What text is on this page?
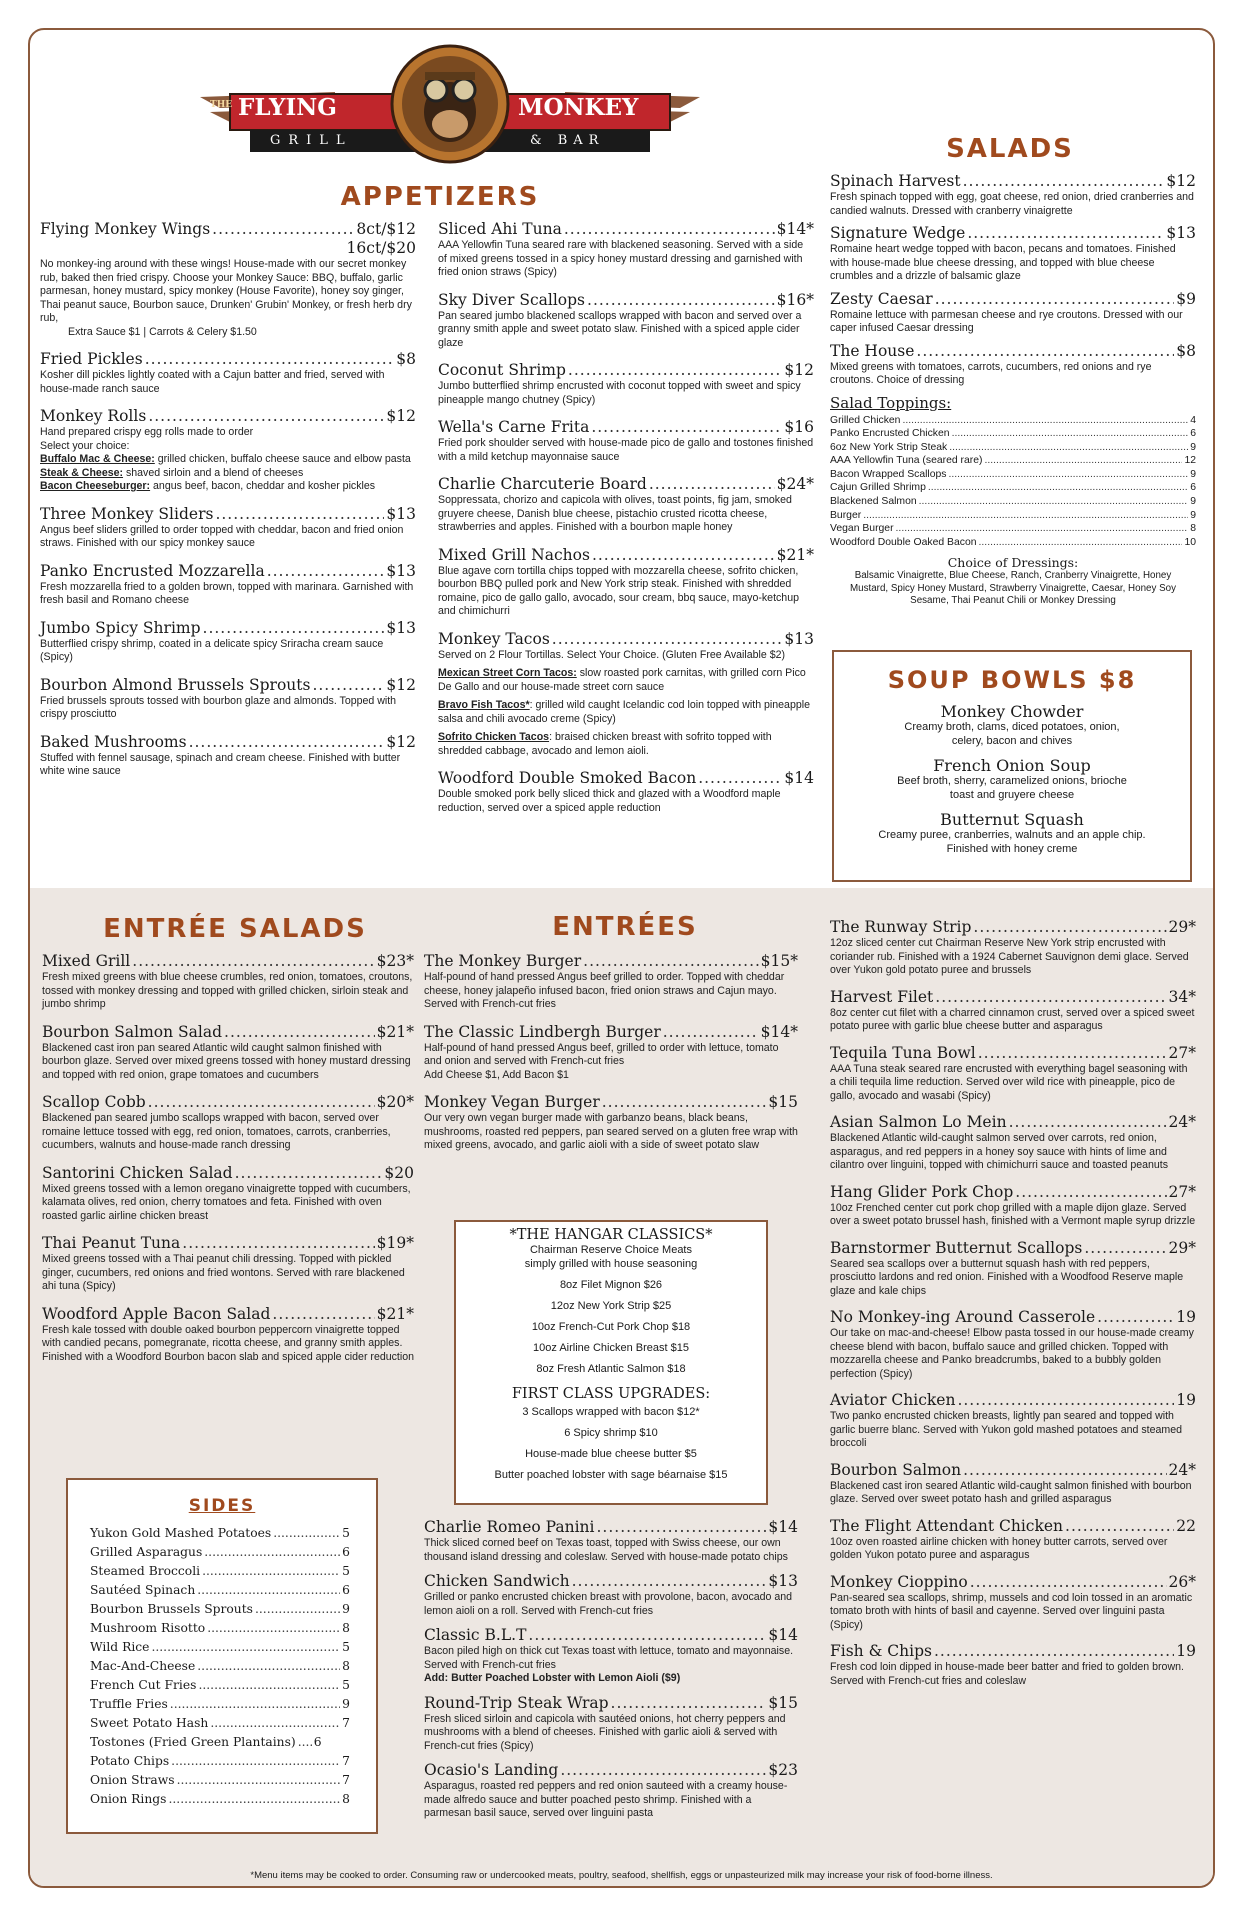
THE FLYING	MONKEY
GRILL	& BAR
APPETIZERS
Flying Monkey Wings .....	8ct/$12
16ct/$20
No monkey-ing around with these wings! House-made with our secret monkey rub, baked then fried crispy. Choose your Monkey Sauce: BBQ, buffalo, garlic parmesan, honey mustard, spicy monkey (House Favorite), honey soy ginger, Thai peanut sauce, Bourbon sauce, Drunken' Grubin' Monkey, or fresh herb dry rub,
Extra Sauce $1 | Carrots & Celery $1.50
Fried Pickles .....	$8
Kosher dill pickles lightly coated with a Cajun batter and fried, served with house-made ranch sauce
Monkey Rolls .....	$12
Hand prepared crispy egg rolls made to order
Select your choice:
Buffalo Mac & Cheese: grilled chicken, buffalo cheese sauce and elbow pasta
Steak & Cheese: shaved sirloin and a blend of cheeses
Bacon Cheeseburger: angus beef, bacon, cheddar and kosher pickles
Three Monkey Sliders .....	$13
Angus beef sliders grilled to order topped with cheddar, bacon and fried onion straws. Finished with our spicy monkey sauce
Panko Encrusted Mozzarella .....	$13
Fresh mozzarella fried to a golden brown, topped with marinara. Garnished with fresh basil and Romano cheese
Jumbo Spicy Shrimp .....	$13
Butterflied crispy shrimp, coated in a delicate spicy Sriracha cream sauce (Spicy)
Bourbon Almond Brussels Sprouts .....	$12
Fried brussels sprouts tossed with bourbon glaze and almonds. Topped with crispy prosciutto
Baked Mushrooms .....	$12
Stuffed with fennel sausage, spinach and cream cheese. Finished with butter white wine sauce
Sliced Ahi Tuna .....	$14*
AAA Yellowfin Tuna seared rare with blackened seasoning. Served with a side of mixed greens tossed in a spicy honey mustard dressing and garnished with fried onion straws (Spicy)
Sky Diver Scallops .....	$16*
Pan seared jumbo blackened scallops wrapped with bacon and served over a granny smith apple and sweet potato slaw. Finished with a spiced apple cider glaze
Coconut Shrimp .....	$12
Jumbo butterflied shrimp encrusted with coconut topped with sweet and spicy pineapple mango chutney (Spicy)
Wella's Carne Frita .....	$16
Fried pork shoulder served with house-made pico de gallo and tostones finished with a mild ketchup mayonnaise sauce
Charlie Charcuterie Board .....	$24*
Soppressata, chorizo and capicola with olives, toast points, fig jam, smoked gruyere cheese, Danish blue cheese, pistachio crusted ricotta cheese, strawberries and apples. Finished with a bourbon maple honey
Mixed Grill Nachos .....	$21*
Blue agave corn tortilla chips topped with mozzarella cheese, sofrito chicken, bourbon BBQ pulled pork and New York strip steak. Finished with shredded romaine, pico de gallo gallo, avocado, sour cream, bbq sauce, mayo-ketchup and chimichurri
Monkey Tacos .....	$13
Served on 2 Flour Tortillas. Select Your Choice. (Gluten Free Available $2)
Mexican Street Corn Tacos: slow roasted pork carnitas, with grilled corn Pico De Gallo and our house-made street corn sauce
Bravo Fish Tacos*: grilled wild caught Icelandic cod loin topped with pineapple salsa and chili avocado creme (Spicy)
Sofrito Chicken Tacos: braised chicken breast with sofrito topped with shredded cabbage, avocado and lemon aioli.
Woodford Double Smoked Bacon .....	$14
Double smoked pork belly sliced thick and glazed with a Woodford maple reduction, served over a spiced apple reduction
SALADS
Spinach Harvest .....	$12
Fresh spinach topped with egg, goat cheese, red onion, dried cranberries and candied walnuts. Dressed with cranberry vinaigrette
Signature Wedge .....	$13
Romaine heart wedge topped with bacon, pecans and tomatoes. Finished with house-made blue cheese dressing, and topped with blue cheese crumbles and a drizzle of balsamic glaze
Zesty Caesar .....	$9
Romaine lettuce with parmesan cheese and rye croutons. Dressed with our caper infused Caesar dressing
The House .....	$8
Mixed greens with tomatoes, carrots, cucumbers, red onions and rye croutons. Choice of dressing
Salad Toppings:
Grilled Chicken .....	4
Panko Encrusted Chicken .....	6
6oz New York Strip Steak .....	9
AAA Yellowfin Tuna (seared rare) .....	12
Bacon Wrapped Scallops .....	9
Cajun Grilled Shrimp .....	6
Blackened Salmon .....	9
Burger .....	9
Vegan Burger .....	8
Woodford Double Oaked Bacon .....	10
Choice of Dressings:
Balsamic Vinaigrette, Blue Cheese, Ranch, Cranberry Vinaigrette, Honey Mustard, Spicy Honey Mustard, Strawberry Vinaigrette, Caesar, Honey Soy Sesame, Thai Peanut Chili or Monkey Dressing
SOUP BOWLS $8
Monkey Chowder
Creamy broth, clams, diced potatoes, onion, celery, bacon and chives
French Onion Soup
Beef broth, sherry, caramelized onions, brioche toast and gruyere cheese
Butternut Squash
Creamy puree, cranberries, walnuts and an apple chip. Finished with honey creme
ENTRÉE SALADS
Mixed Grill .....	$23*
Fresh mixed greens with blue cheese crumbles, red onion, tomatoes, croutons, tossed with monkey dressing and topped with grilled chicken, sirloin steak and jumbo shrimp
Bourbon Salmon Salad .....	$21*
Blackened cast iron pan seared Atlantic wild caught salmon finished with bourbon glaze. Served over mixed greens tossed with honey mustard dressing and topped with red onion, grape tomatoes and cucumbers
Scallop Cobb .....	$20*
Blackened pan seared jumbo scallops wrapped with bacon, served over romaine lettuce tossed with egg, red onion, tomatoes, carrots, cranberries, cucumbers, walnuts and house-made ranch dressing
Santorini Chicken Salad .....	$20
Mixed greens tossed with a lemon oregano vinaigrette topped with cucumbers, kalamata olives, red onion, cherry tomatoes and feta. Finished with oven roasted garlic airline chicken breast
Thai Peanut Tuna .....	$19*
Mixed greens tossed with a Thai peanut chili dressing. Topped with pickled ginger, cucumbers, red onions and fried wontons. Served with rare blackened ahi tuna (Spicy)
Woodford Apple Bacon Salad .....	$21*
Fresh kale tossed with double oaked bourbon peppercorn vinaigrette topped with candied pecans, pomegranate, ricotta cheese, and granny smith apples. Finished with a Woodford Bourbon bacon slab and spiced apple cider reduction
SIDES
Yukon Gold Mashed Potatoes .....	5
Grilled Asparagus .....	6
Steamed Broccoli .....	5
Sautéed Spinach .....	6
Bourbon Brussels Sprouts .....	9
Mushroom Risotto .....	8
Wild Rice .....	5
Mac-And-Cheese .....	8
French Cut Fries .....	5
Truffle Fries .....	9
Sweet Potato Hash .....	7
Tostones (Fried Green Plantains) ..... 6
Potato Chips .....	7
Onion Straws .....	7
Onion Rings .....	8
ENTRÉES
The Monkey Burger .....	$15*
Half-pound of hand pressed Angus beef grilled to order. Topped with cheddar cheese, honey jalapeño infused bacon, fried onion straws and Cajun mayo. Served with French-cut fries
The Classic Lindbergh Burger .....	$14*
Half-pound of hand pressed Angus beef, grilled to order with lettuce, tomato and onion and served with French-cut fries
Add Cheese $1, Add Bacon $1
Monkey Vegan Burger .....	$15
Our very own vegan burger made with garbanzo beans, black beans, mushrooms, roasted red peppers, pan seared served on a gluten free wrap with mixed greens, avocado, and garlic aioli with a side of sweet potato slaw
*THE HANGAR CLASSICS*
Chairman Reserve Choice Meats
simply grilled with house seasoning
8oz Filet Mignon $26
12oz New York Strip $25
10oz French-Cut Pork Chop $18
10oz Airline Chicken Breast $15
8oz Fresh Atlantic Salmon $18
FIRST CLASS UPGRADES:
3 Scallops wrapped with bacon $12*
6 Spicy shrimp $10
House-made blue cheese butter $5
Butter poached lobster with sage béarnaise $15
Charlie Romeo Panini .....	$14
Thick sliced corned beef on Texas toast, topped with Swiss cheese, our own thousand island dressing and coleslaw. Served with house-made potato chips
Chicken Sandwich .....	$13
Grilled or panko encrusted chicken breast with provolone, bacon, avocado and lemon aioli on a roll. Served with French-cut fries
Classic B.L.T .....	$14
Bacon piled high on thick cut Texas toast with lettuce, tomato and mayonnaise. Served with French-cut fries
Add: Butter Poached Lobster with Lemon Aioli ($9)
Round-Trip Steak Wrap .....	$15
Fresh sliced sirloin and capicola with sautéed onions, hot cherry peppers and mushrooms with a blend of cheeses. Finished with garlic aioli & served with French-cut fries (Spicy)
Ocasio's Landing .....	$23
Asparagus, roasted red peppers and red onion sauteed with a creamy house-made alfredo sauce and butter poached pesto shrimp. Finished with a parmesan basil sauce, served over linguini pasta
The Runway Strip .....	29*
12oz sliced center cut Chairman Reserve New York strip encrusted with coriander rub. Finished with a 1924 Cabernet Sauvignon demi glace. Served over Yukon gold potato puree and brussels
Harvest Filet .....	34*
8oz center cut filet with a charred cinnamon crust, served over a spiced sweet potato puree with garlic blue cheese butter and asparagus
Tequila Tuna Bowl .....	27*
AAA Tuna steak seared rare encrusted with everything bagel seasoning with a chili tequila lime reduction. Served over wild rice with pineapple, pico de gallo, avocado and wasabi (Spicy)
Asian Salmon Lo Mein .....	24*
Blackened Atlantic wild-caught salmon served over carrots, red onion, asparagus, and red peppers in a honey soy sauce with hints of lime and cilantro over linguini, topped with chimichurri sauce and toasted peanuts
Hang Glider Pork Chop .....	27*
10oz Frenched center cut pork chop grilled with a maple dijon glaze. Served over a sweet potato brussel hash, finished with a Vermont maple syrup drizzle
Barnstormer Butternut Scallops .....	29*
Seared sea scallops over a butternut squash hash with red peppers, prosciutto lardons and red onion. Finished with a Woodfood Reserve maple glaze and kale chips
No Monkey-ing Around Casserole .....	19
Our take on mac-and-cheese! Elbow pasta tossed in our house-made creamy cheese blend with bacon, buffalo sauce and grilled chicken. Topped with mozzarella cheese and Panko breadcrumbs, baked to a bubbly golden perfection (Spicy)
Aviator Chicken .....	19
Two panko encrusted chicken breasts, lightly pan seared and topped with garlic buerre blanc. Served with Yukon gold mashed potatoes and steamed broccoli
Bourbon Salmon .....	24*
Blackened cast iron seared Atlantic wild-caught salmon finished with bourbon glaze. Served over sweet potato hash and grilled asparagus
The Flight Attendant Chicken .....	22
10oz oven roasted airline chicken with honey butter carrots, served over golden Yukon potato puree and asparagus
Monkey Cioppino .....	26*
Pan-seared sea scallops, shrimp, mussels and cod loin tossed in an aromatic tomato broth with hints of basil and cayenne. Served over linguini pasta (Spicy)
Fish & Chips .....	19
Fresh cod loin dipped in house-made beer batter and fried to golden brown. Served with French-cut fries and coleslaw
*Menu items may be cooked to order. Consuming raw or undercooked meats, poultry, seafood, shellfish, eggs or unpasteurized milk may increase your risk of food-borne illness.
